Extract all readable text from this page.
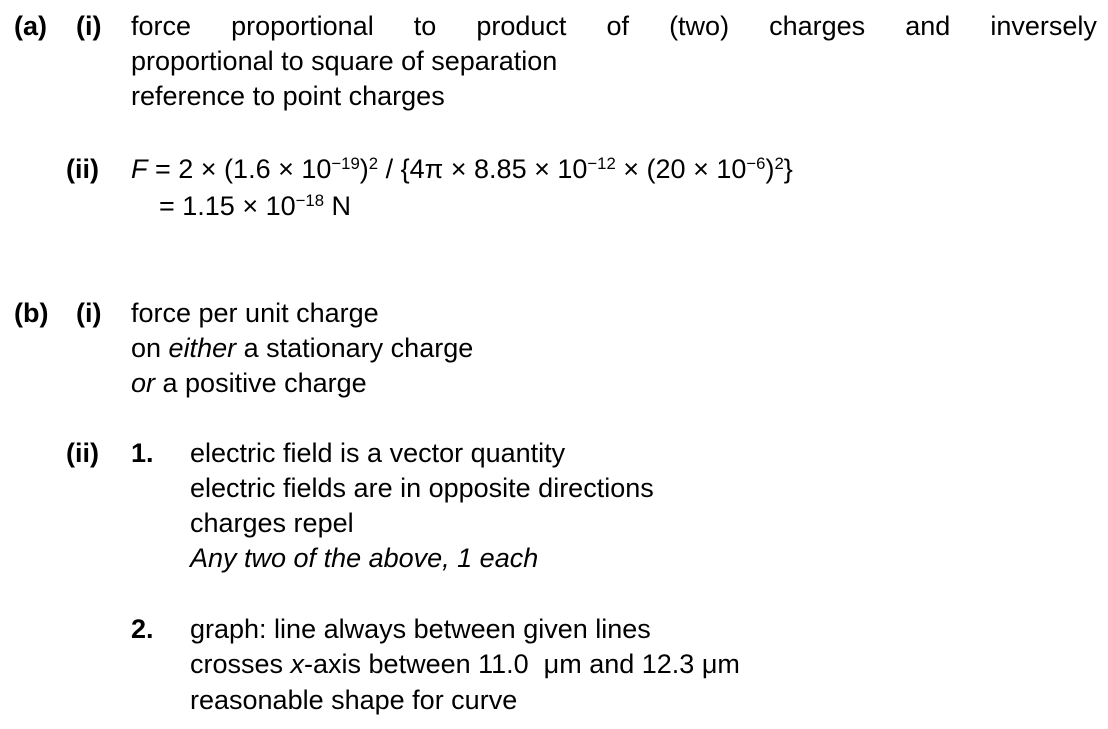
(a) (i) force proportional to product of (two) charges and inversely
proportional to square of separation
reference to point charges
(ii) $F = 2 \times (1.6 \times 10^{-19})^2 / \{4\pi \times 8.85 \times 10^{-12} \times (20 \times 10^{-6})^2\}$
= $1.15 \times 10^{-18}$ N
(b) (i) force per unit charge
on either a stationary charge
or a positive charge
(ii) 1. electric field is a vector quantity
electric fields are in opposite directions
charges repel
Any two of the above, 1 each
2. graph: line always between given lines
crosses x-axis between 11.0  μm and 12.3 μm
reasonable shape for curve
